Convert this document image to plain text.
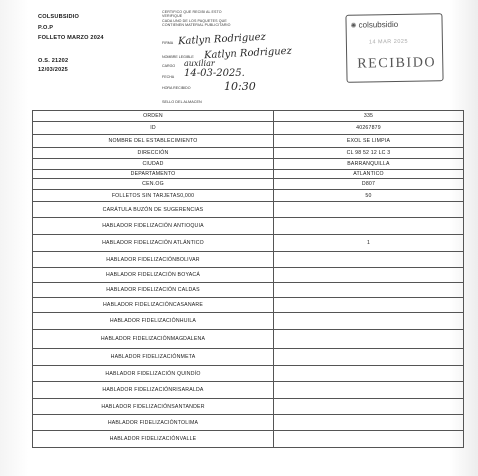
COLSUBSIDIO
P.O.P
FOLLETO MARZO 2024
O.S. 21202
12/03/2025
CERTIFICO QUE RECIBI AL ESTO
VERIFIQUE
CADA UNO DE LOS PAQUETES QUE
CONTIENEN MATERIAL PUBLICITARIO
FIRMA Katlyn Rodriguez
NOMBRE LEGIBLE Katlyn Rodriguez
CARGO auxiliar
FECHA 14-03-2025.
HORA RECIBIDO	10:30
✺ colsubsidio
14 MAR 2025
RECIBIDO
SELLO DEL ALMACEN
ORDEN	335
ID	40267879
NOMBRE DEL ESTABLECIMIENTO	EXOL SE LIMPIA
DIRECCIÓN	CL 98 52 12 LC 3
CIUDAD	BARRANQUILLA
DEPARTAMENTO	ATLANTICO
CEN.OG	D807
FOLLETOS SIN TARJETAS0,000	50
CARÁTULA BUZÓN DE SUGERENCIAS	
HABLADOR FIDELIZACIÓN ANTIOQUIA	
HABLADOR FIDELIZACIÓN ATLÁNTICO	1
HABLADOR FIDELIZACIÓNBOLIVAR	
HABLADOR FIDELIZACIÓN BOYACÁ	
HABLADOR FIDELIZACIÓN CALDAS	
HABLADOR FIDELIZACIÓNCASANARE	
HABLADOR FIDELIZACIÓNHUILA	
HABLADOR FIDELIZACIÓNMAGDALENA	
HABLADOR FIDELIZACIÓNMETA	
HABLADOR FIDELIZACIÓN QUINDÍO	
HABLADOR FIDELIZACIÓNRISARALDA	
HABLADOR FIDELIZACIÓNSANTANDER	
HABLADOR FIDELIZACIÓNTOLIMA	
HABLADOR FIDELIZACIÓNVALLE	
